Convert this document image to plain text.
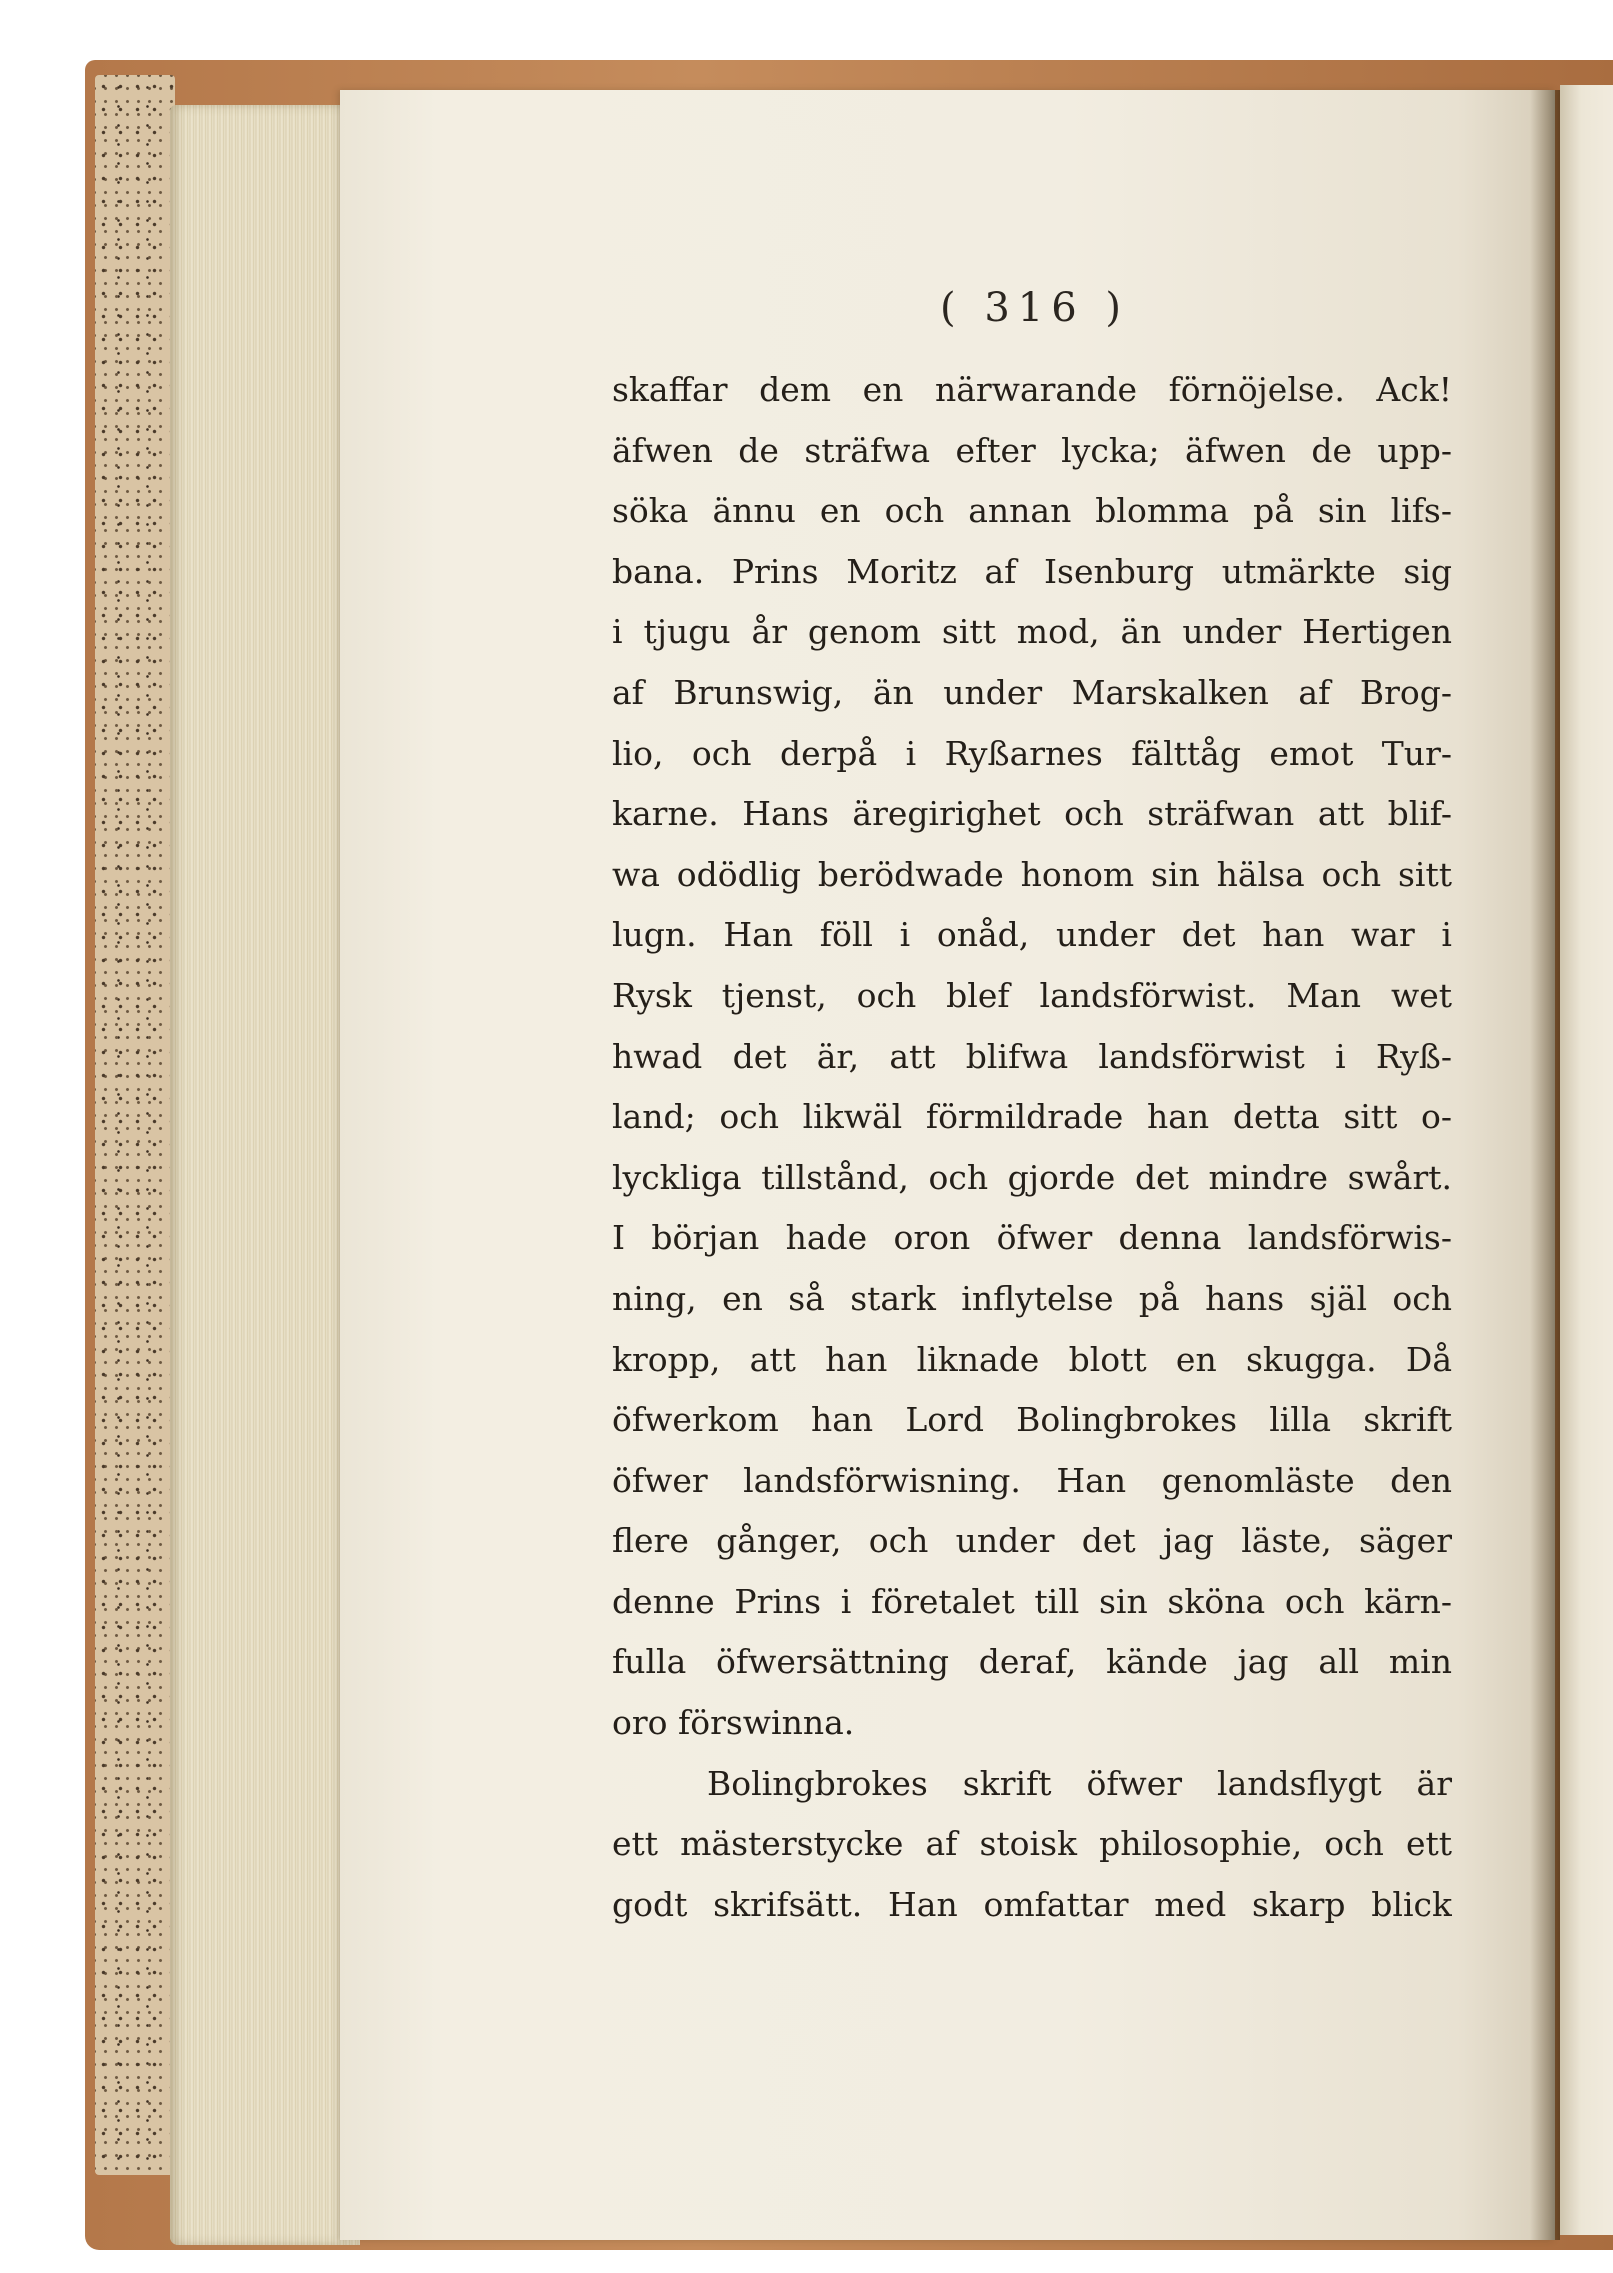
( 316 )
skaffar dem en närwarande förnöjelse. Ack!
äfwen de sträfwa efter lycka; äfwen de upp-
söka ännu en och annan blomma på sin lifs-
bana. Prins Moritz af Isenburg utmärkte sig
i tjugu år genom sitt mod, än under Hertigen
af Brunswig, än under Marskalken af Brog-
lio, och derpå i Ryßarnes fälttåg emot Tur-
karne. Hans äregirighet och sträfwan att blif-
wa odödlig berödwade honom sin hälsa och sitt
lugn. Han föll i onåd, under det han war i
Rysk tjenst, och blef landsförwist. Man wet
hwad det är, att blifwa landsförwist i Ryß-
land; och likwäl förmildrade han detta sitt o-
lyckliga tillstånd, och gjorde det mindre swårt.
I början hade oron öfwer denna landsförwis-
ning, en så stark inflytelse på hans själ och
kropp, att han liknade blott en skugga. Då
öfwerkom han Lord Bolingbrokes lilla skrift
öfwer landsförwisning. Han genomläste den
flere gånger, och under det jag läste, säger
denne Prins i företalet till sin sköna och kärn-
fulla öfwersättning deraf, kände jag all min
oro förswinna.
Bolingbrokes skrift öfwer landsflygt är
ett mästerstycke af stoisk philosophie, och ett
godt skrifsätt. Han omfattar med skarp blick
